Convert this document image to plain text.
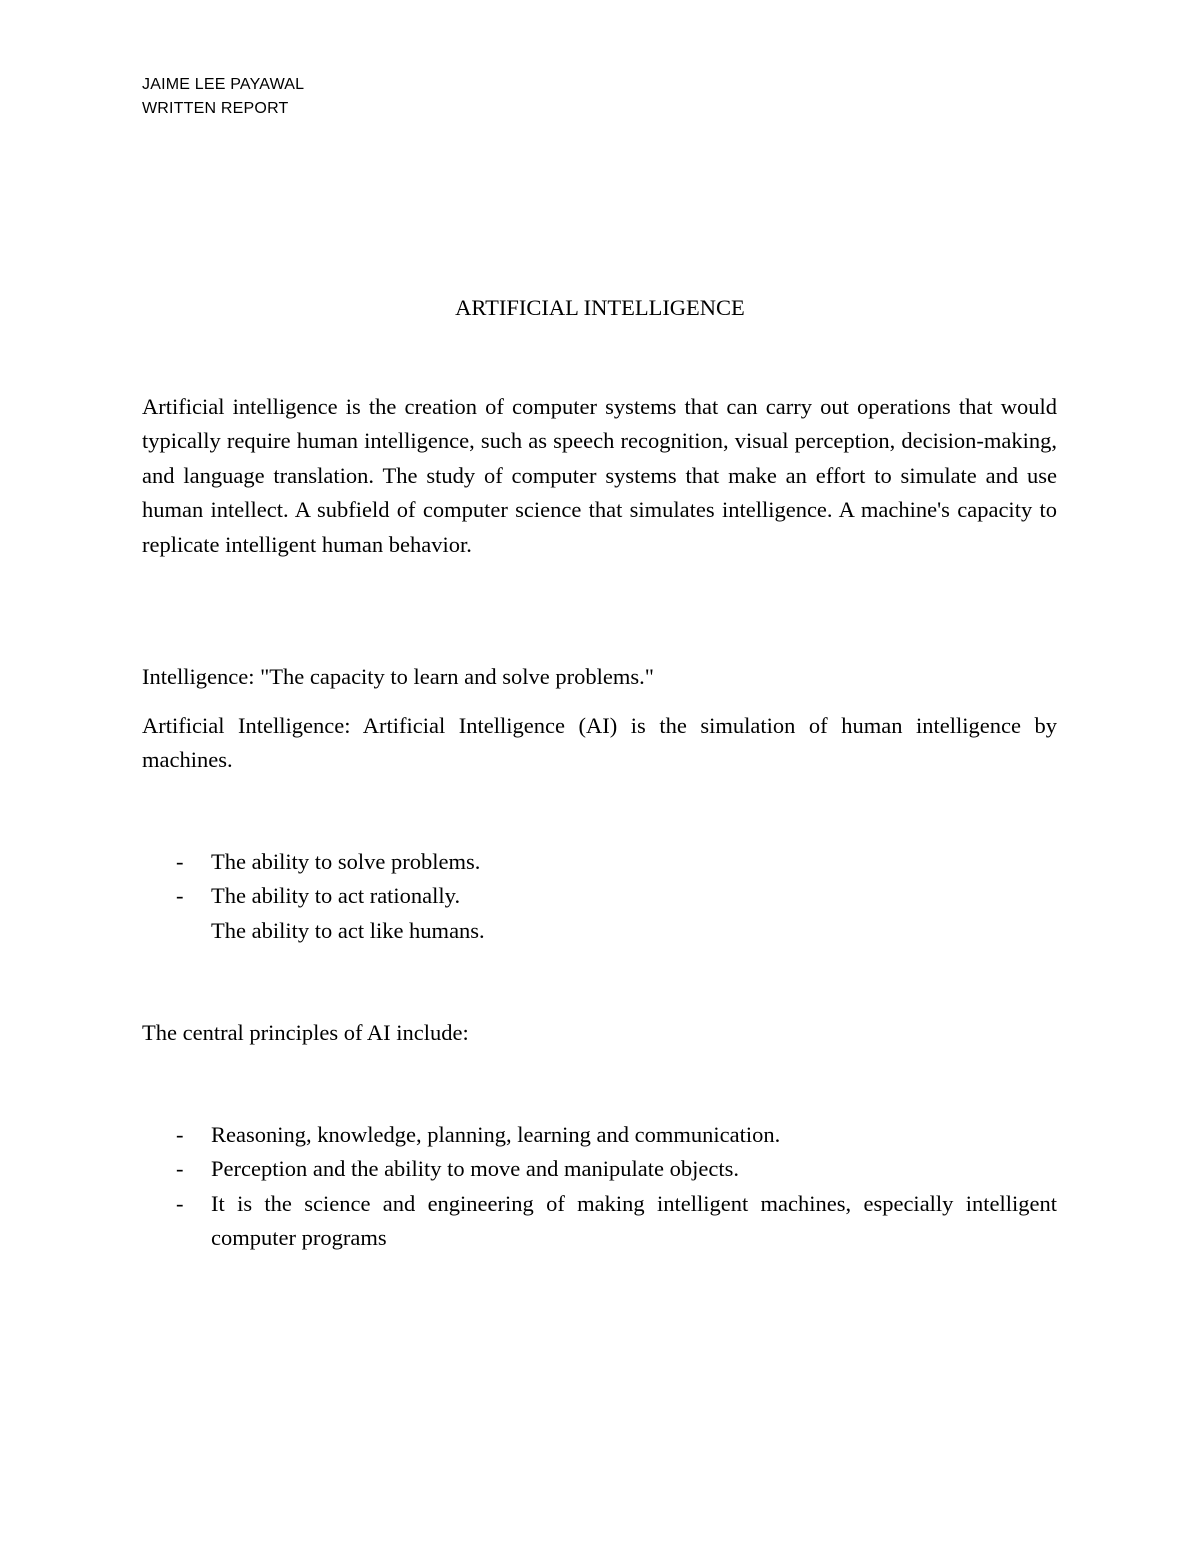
JAIME LEE PAYAWAL
WRITTEN REPORT
ARTIFICIAL INTELLIGENCE

Artificial intelligence is the creation of computer systems that can carry out operations that would typically require human intelligence, such as speech recognition, visual perception, decision-making, and language translation. The study of computer systems that make an effort to simulate and use human intellect. A subfield of computer science that simulates intelligence. A machine's capacity to replicate intelligent human behavior.

Intelligence: "The capacity to learn and solve problems."

Artificial Intelligence: Artificial Intelligence (AI) is the simulation of human intelligence by machines.

- The ability to solve problems.
- The ability to act rationally.
The ability to act like humans.

The central principles of AI include:

- Reasoning, knowledge, planning, learning and communication.
- Perception and the ability to move and manipulate objects.
- It is the science and engineering of making intelligent machines, especially intelligent computer programs
